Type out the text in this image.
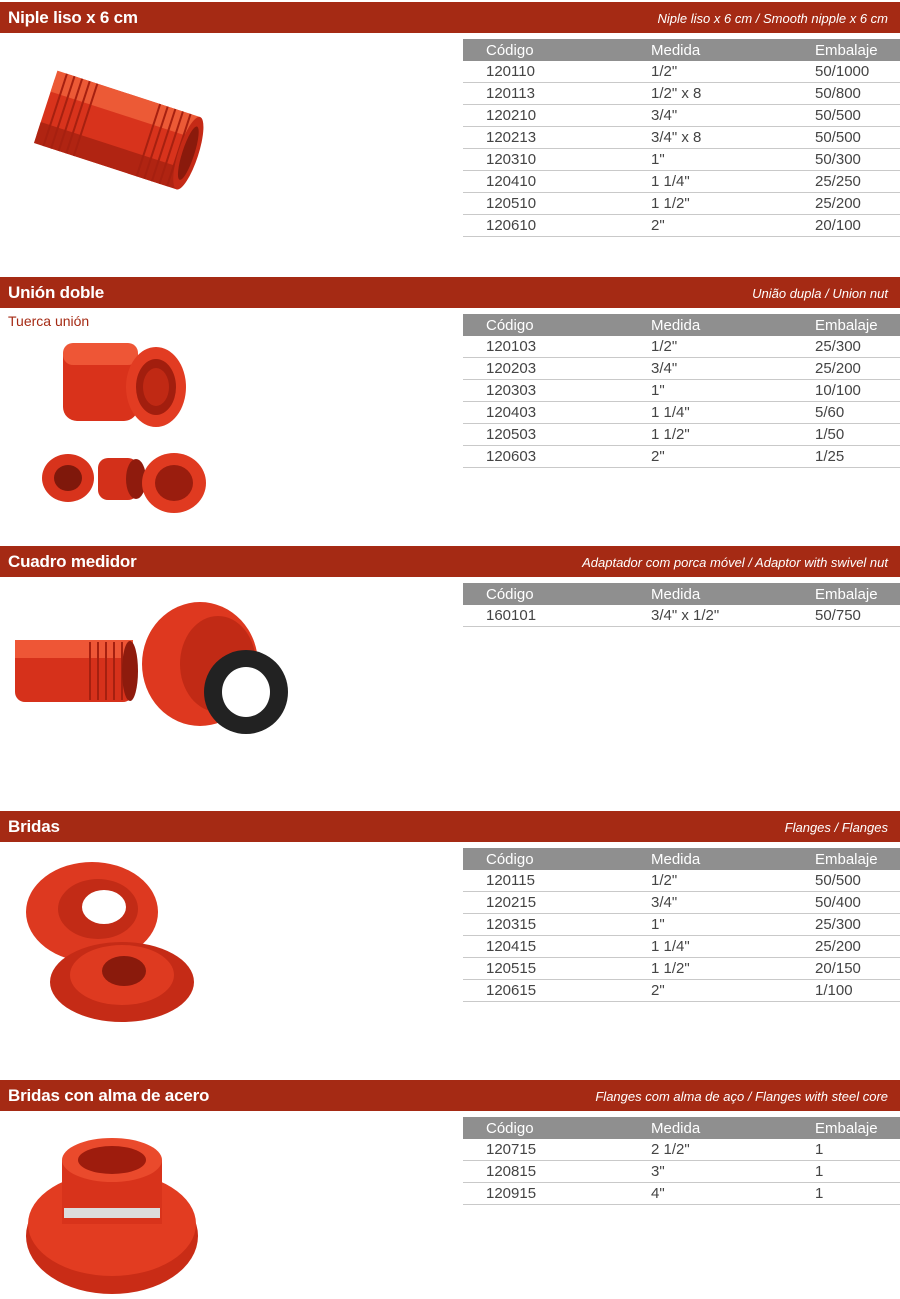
Niple liso x 6 cm	Niple liso x 6 cm / Smooth nipple x 6 cm
Código	Medida	Embalaje
120110	1/2"	50/1000
120113	1/2" x 8	50/800
120210	3/4"	50/500
120213	3/4" x 8	50/500
120310	1"	50/300
120410	1 1/4"	25/250
120510	1 1/2"	25/200
120610	2"	20/100
Unión doble	União dupla / Union nut
Tuerca unión	Código	Medida	Embalaje
120103	1/2"	25/300
120203	3/4"	25/200
120303	1"	10/100
120403	1 1/4"	5/60
120503	1 1/2"	1/50
120603	2"	1/25
Cuadro medidor	Adaptador com porca móvel / Adaptor with swivel nut
Código	Medida	Embalaje
160101	3/4" x 1/2"	50/750
Bridas	Flanges / Flanges
Código	Medida	Embalaje
120115	1/2"	50/500
120215	3/4"	50/400
120315	1"	25/300
120415	1 1/4"	25/200
120515	1 1/2"	20/150
120615	2"	1/100
Bridas con alma de acero	Flanges com alma de aço / Flanges with steel core
Código	Medida	Embalaje
120715	2 1/2"	1
120815	3"	1
120915	4"	1
